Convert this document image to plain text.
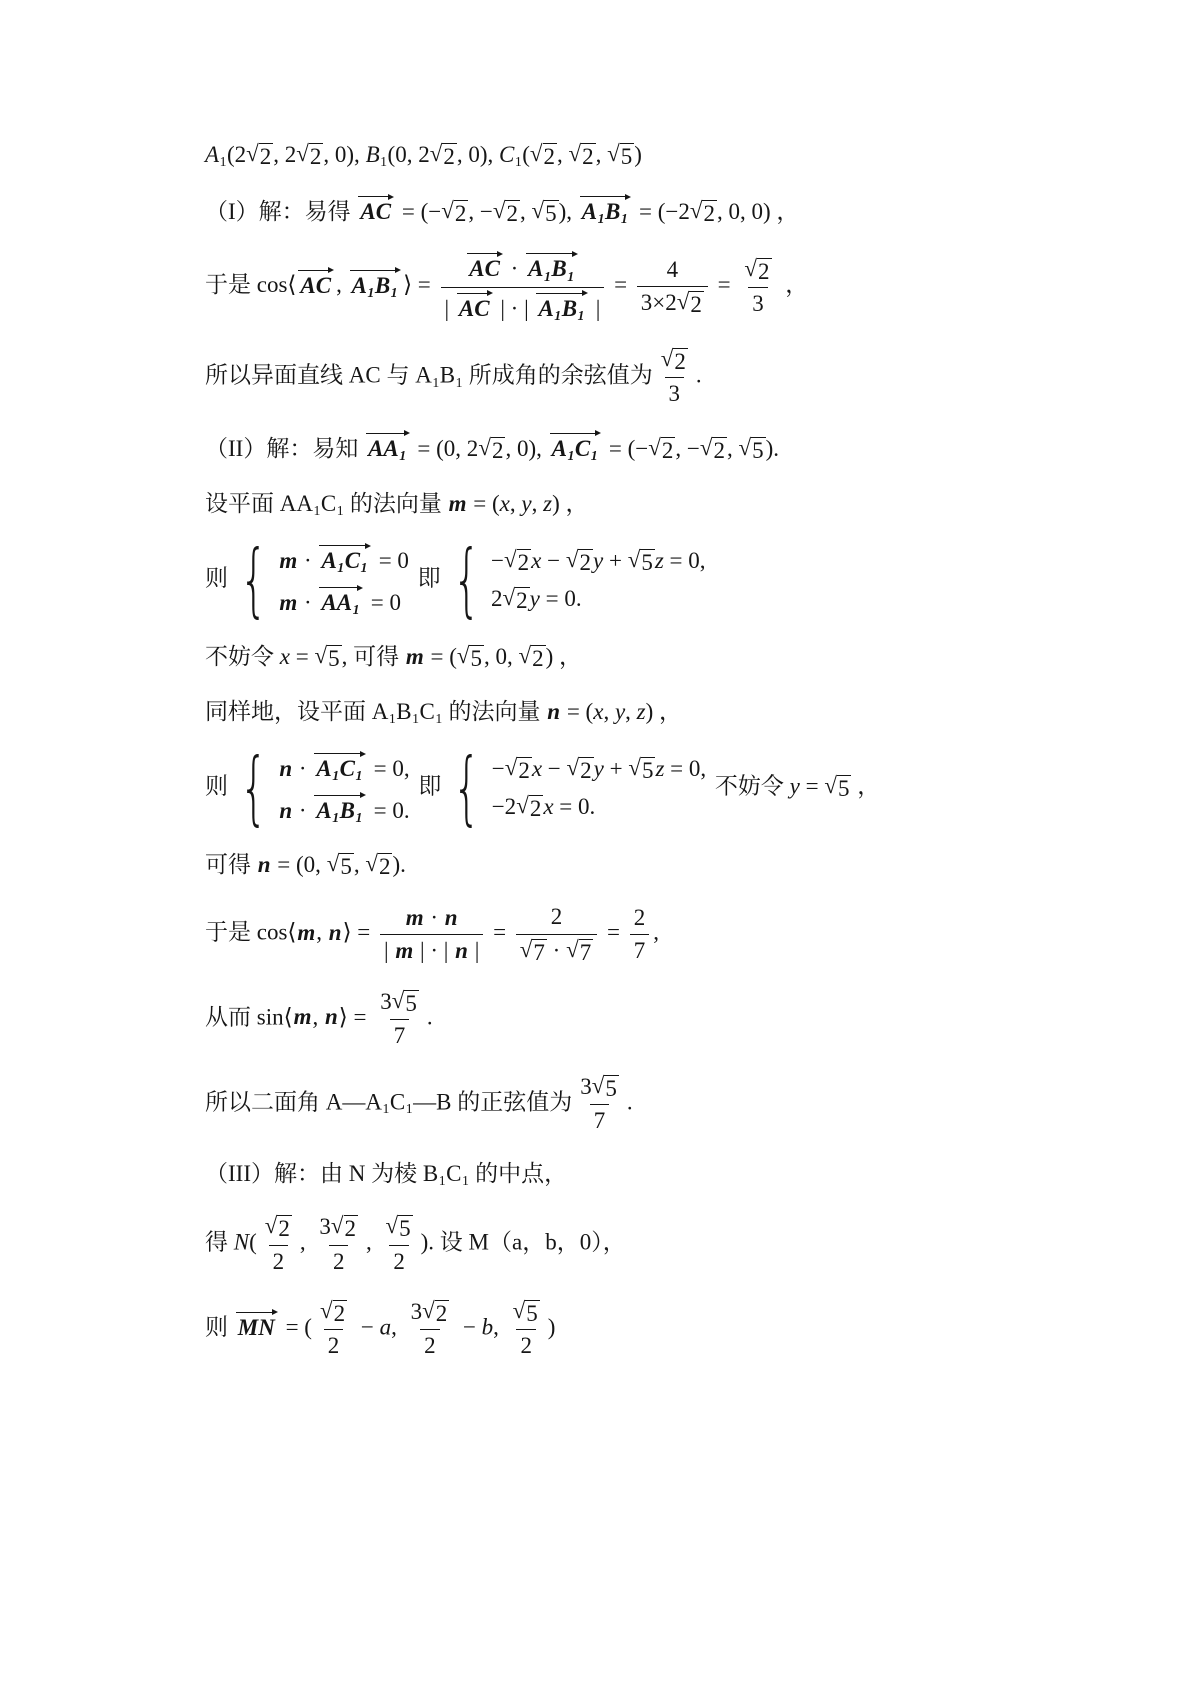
A1(2 √ 2 , 2 √ 2 , 0), B1(0, 2 √ 2 , 0), C1( √ 2 , √ 2 , √ 5 )
（I）解：易得 AC = (− √ 2 , − √ 2 , √ 5 ), A1B1 = (−2 √ 2 , 0, 0) ，
于是 cos⟨ AC , A1B1 ⟩ = $\frac{AC \cdot A1B1}{| AC | \cdot | A1B1 |} = \frac{4}{3\times 2 √ 2} = \frac{√ 2}{3}$ ，
所以异面直线 AC 与 A1B1 所成角的余弦值为 $\frac{√ 2}{3}$ .
（II）解：易知 AA1 = (0, 2 √ 2 , 0), A1C1 = (− √ 2 , − √ 2 , √ 5 ).
设平面 AA1C1 的法向量 m = (x, y, z) ，
则 { m · A1C1 = 0
m · AA1 = 0
即 { − √ 2 x − √ 2 y + √ 5 z = 0,
2 √ 2 y = 0.
不妨令 x = √ 5 , 可得 m = ( √ 5 , 0, √ 2 ) ，
同样地，设平面 A1B1C1 的法向量 n = (x, y, z) ，
则 { n · A1C1 = 0,
n · A1B1 = 0.
即 { − √ 2 x − √ 2 y + √ 5 z = 0,
−2 √ 2 x = 0.
不妨令 y = √ 5 ，
可得 n = (0, √ 5 , √ 2 ).
于是 cos⟨m, n⟩ = $\frac{m \cdot n}{| m | \cdot | n |} = \frac{2}{√ 7 \cdot √ 7} = \frac{2}{7}$ ,
从而 sin⟨m, n⟩ = $\frac{3 √ 5}{7}$ .
所以二面角 A—A1C1—B 的正弦值为 $\frac{3 √ 5}{7}$ .
（III）解：由 N 为棱 B1C1 的中点，
得 $N( \frac{√ 2}{2}$ , $\frac{3 √ 2}{2}$ , $\frac{√ 5}{2}$ ). 设 M（a，b，0），
则 MN = ( $\frac{√ 2}{2} - a$, $\frac{3 √ 2}{2} - b$, $\frac{√ 5}{2}$ )
